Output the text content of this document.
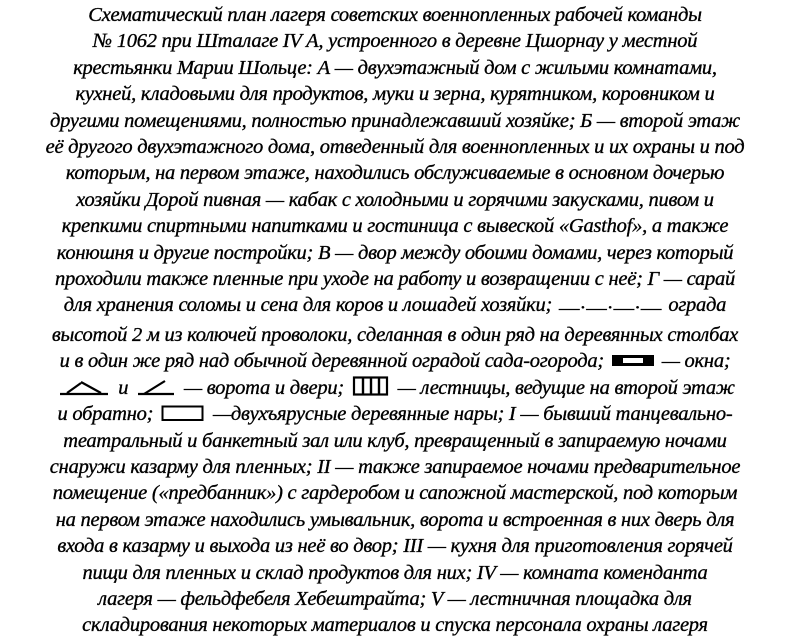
Схематический план лагеря советских военнопленных рабочей команды
№ 1062 при Шталаге IV А, устроенного в деревне Цшорнау у местной
крестьянки Марии Шольце: А — двухэтажный дом с жилыми комнатами,
кухней, кладовыми для продуктов, муки и зерна, курятником, коровником и
другими помещениями, полностью принадлежавший хозяйке; Б — второй этаж
её другого двухэтажного дома, отведенный для военнопленных и их охраны и под
которым, на первом этаже, находились обслуживаемые в основном дочерью
хозяйки Дорой пивная — кабак с холодными и горячими закусками, пивом и
крепкими спиртными напитками и гостиница с вывеской «Gasthof», а также
конюшня и другие постройки; В — двор между обоими домами, через который
проходили также пленные при уходе на работу и возвращении с неё; Г — сарай
для хранения соломы и сена для коров и лошадей хозяйки; —·—·—·— ограда
высотой 2 м из колючей проволоки, сделанная в один ряд на деревянных столбах
и в один же ряд над обычной деревянной оградой сада-огорода;
— окна;
и
— ворота и двери;
— лестницы, ведущие на второй этаж
и обратно;
—двухъярусные деревянные нары; I — бывший танцевально-
театральный и банкетный зал или клуб, превращенный в запираемую ночами
снаружи казарму для пленных; II — также запираемое ночами предварительное
помещение («предбанник») с гардеробом и сапожной мастерской, под которым
на первом этаже находились умывальник, ворота и встроенная в них дверь для
входа в казарму и выхода из неё во двор; III — кухня для приготовления горячей
пищи для пленных и склад продуктов для них; IV — комната коменданта
лагеря — фельдфебеля Хебештрайта; V — лестничная площадка для
складирования некоторых материалов и спуска персонала охраны лагеря
